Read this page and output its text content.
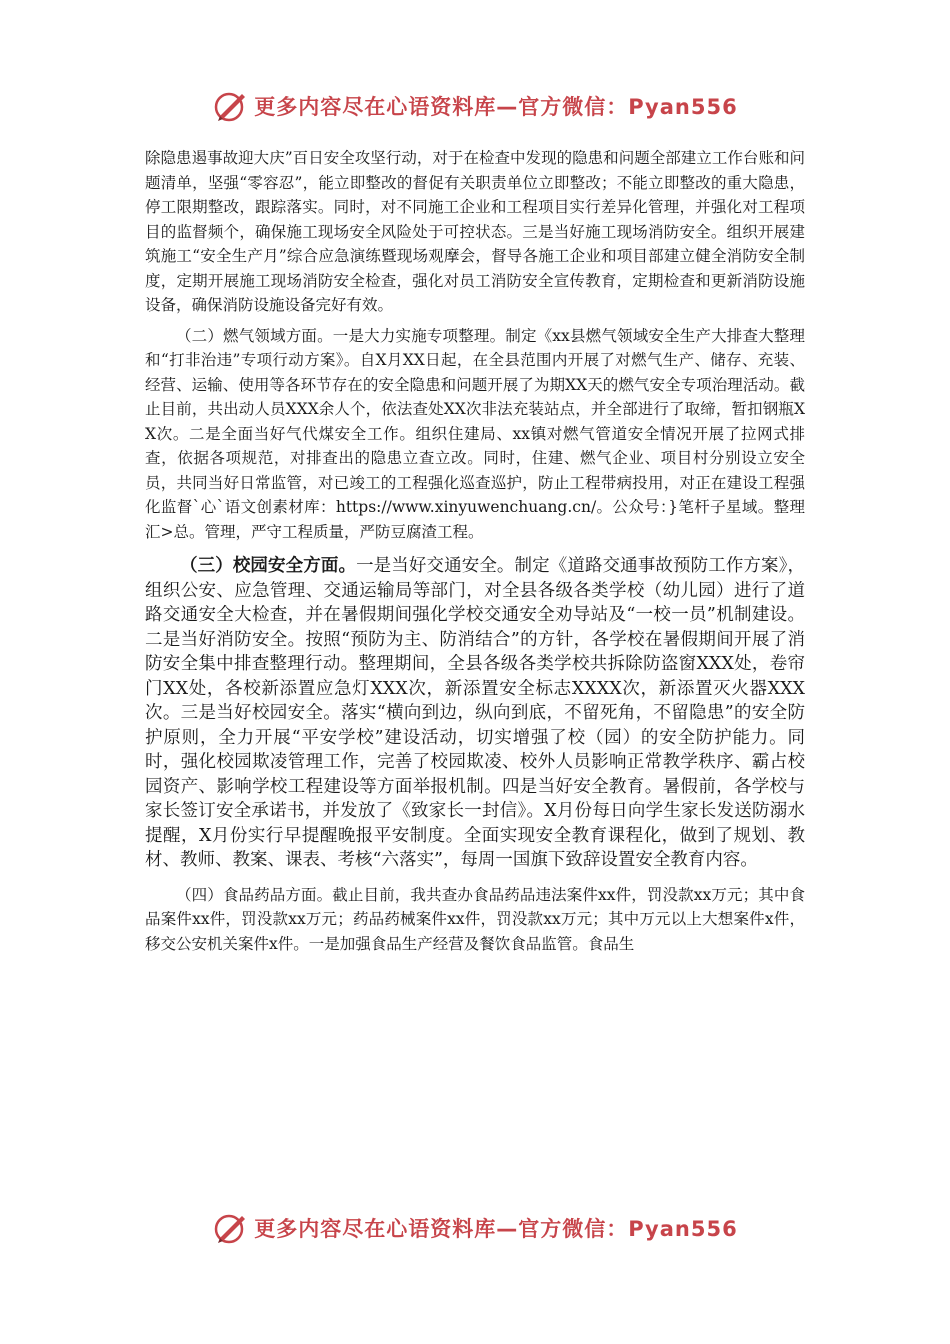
更多内容尽在心语资料库—官方微信：Pyan556

除隐患遏事故迎大庆”百日安全攻坚行动，对于在检查中发现的隐患和问题全部建立工作台账和问题清单，坚强“零容忍”，能立即整改的督促有关职责单位立即整改；不能立即整改的重大隐患，停工限期整改，跟踪落实。同时，对不同施工企业和工程项目实行差异化管理，并强化对工程项目的监督频个，确保施工现场安全风险处于可控状态。三是当好施工现场消防安全。组织开展建筑施工“安全生产月”综合应急演练暨现场观摩会，督导各施工企业和项目部建立健全消防安全制度，定期开展施工现场消防安全检查，强化对员工消防安全宣传教育，定期检查和更新消防设施设备，确保消防设施设备完好有效。

（二）燃气领域方面。一是大力实施专项整理。制定《xx县燃气领域安全生产大排查大整理和“打非治违”专项行动方案》。自X月XX日起，在全县范围内开展了对燃气生产、储存、充装、经营、运输、使用等各环节存在的安全隐患和问题开展了为期XX天的燃气安全专项治理活动。截止目前，共出动人员XXX余人个，依法查处XX次非法充装站点，并全部进行了取缔，暂扣钢瓶XX次。二是全面当好气代煤安全工作。组织住建局、xx镇对燃气管道安全情况开展了拉网式排查，依据各项规范，对排查出的隐患立查立改。同时，住建、燃气企业、项目村分别设立安全员，共同当好日常监管，对已竣工的工程强化巡查巡护，防止工程带病投用，对正在建设工程强化监督`心`语文创素材库：https://www.xinyuwenchuang.cn/。公众号：}笔杆子星域。整理汇>总。管理，严守工程质量，严防豆腐渣工程。

（三）校园安全方面。一是当好交通安全。制定《道路交通事故预防工作方案》，组织公安、应急管理、交通运输局等部门，对全县各级各类学校（幼儿园）进行了道路交通安全大检查，并在暑假期间强化学校交通安全劝导站及“一校一员”机制建设。二是当好消防安全。按照“预防为主、防消结合”的方针，各学校在暑假期间开展了消防安全集中排查整理行动。整理期间，全县各级各类学校共拆除防盗窗XXX处，卷帘门XX处，各校新添置应急灯XXX次，新添置安全标志XXXX次，新添置灭火器XXX次。三是当好校园安全。落实“横向到边，纵向到底，不留死角，不留隐患”的安全防护原则，全力开展“平安学校”建设活动，切实增强了校（园）的安全防护能力。同时，强化校园欺凌管理工作，完善了校园欺凌、校外人员影响正常教学秩序、霸占校园资产、影响学校工程建设等方面举报机制。四是当好安全教育。暑假前，各学校与家长签订安全承诺书，并发放了《致家长一封信》。X月份每日向学生家长发送防溺水提醒，X月份实行早提醒晚报平安制度。全面实现安全教育课程化，做到了规划、教材、教师、教案、课表、考核“六落实”，每周一国旗下致辞设置安全教育内容。

（四）食品药品方面。截止目前，我共查办食品药品违法案件xx件，罚没款xx万元；其中食品案件xx件，罚没款xx万元；药品药械案件xx件，罚没款xx万元；其中万元以上大想案件x件，移交公安机关案件x件。一是加强食品生产经营及餐饮食品监管。食品生

更多内容尽在心语资料库—官方微信：Pyan556
